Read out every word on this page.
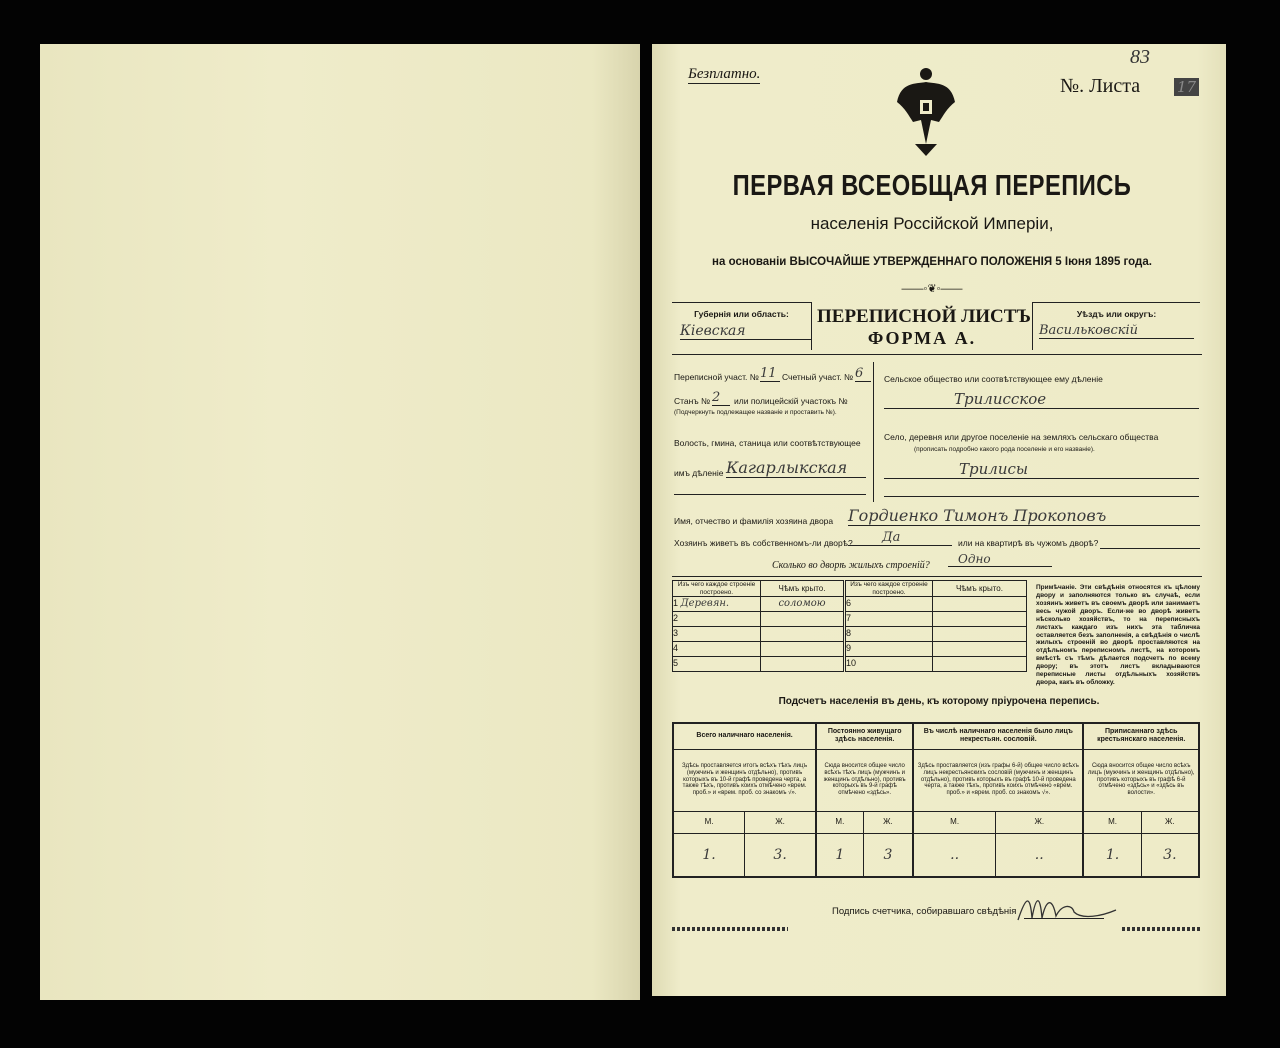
Безплатно.
83
№. Листа 17
ПЕРВАЯ ВСЕОБЩАЯ ПЕРЕПИСЬ
населенія Россійской Имперіи,
на основаніи ВЫСОЧАЙШЕ УТВЕРЖДЕННАГО ПОЛОЖЕНІЯ 5 Іюня 1895 года.
——◦❦◦——
Губернія или область:
Кіевская
ПЕРЕПИСНОЙ ЛИСТЪ
ФОРМА А.
Уѣздъ или округъ:
Васильковскій
Переписной участ. № 11 Счетный участ. № 6
Станъ № 2	или полицейскій участокъ №
(Подчеркнуть подлежащее названіе и проставить №).
Волость, гмина, станица или соотвѣтствующее
имъ дѣленіе Кагарлыкская
Сельское общество или соотвѣтствующее ему дѣленіе
Трилисское
Село, деревня или другое поселеніе на земляхъ сельскаго общества
(прописать подробно какого рода поселеніе и его названіе).
Трилисы
Имя, отчество и фамилія хозяина двора Гордиенко Тимонъ Прокоповъ
Хозяинъ живетъ въ собственномъ-ли дворѣ?	Да	или на квартирѣ въ чужомъ дворѣ?
Сколько во дворѣ жилыхъ строеній?	Одно
Изъ чего каждое строеніе построено.	Чѣмъ крыто.	Изъ чего каждое строеніе построено.	Чѣмъ крыто.
1 Деревян.	соломою	6	
2		7	
3		8	
4		9	
5		10	
Примѣчаніе. Эти свѣдѣнія относятся къ цѣлому двору и заполняются только въ случаѣ, если хозяинъ живетъ въ своемъ дворѣ или занимаетъ весь чужой дворъ. Если-же во дворѣ живетъ нѣсколько хозяйствъ, то на переписныхъ листахъ каждаго изъ нихъ эта табличка оставляется безъ заполненія, а свѣдѣнія о числѣ жилыхъ строеній во дворѣ проставляются на отдѣльномъ переписномъ листѣ, на которомъ вмѣстѣ съ тѣмъ дѣлается подсчетъ по всему двору; въ этотъ листъ вкладываются переписные листы отдѣльныхъ хозяйствъ двора, какъ въ обложку.
Подсчетъ населенія въ день, къ которому пріурочена перепись.
Всего наличнаго населенія.		Постоянно живущаго здѣсь населенія.		Въ числѣ наличнаго населенія было лицъ некрестьян. сословій.		Приписаннаго здѣсь крестьянскаго населенія.	
Здѣсь проставляется итогъ всѣхъ тѣхъ лицъ (мужчинъ и женщинъ отдѣльно), противъ которыхъ въ 10-й графѣ проведена черта, а также тѣхъ, противъ коихъ отмѣчено «врем. проб.» и «врем. проб. со знакомъ √».		Сюда вносится общее число всѣхъ тѣхъ лицъ (мужчинъ и женщинъ отдѣльно), противъ которыхъ въ 9-й графѣ отмѣчено «здѣсь».		Здѣсь проставляется (изъ графы 6-й) общее число всѣхъ лицъ некрестьянскихъ сословій (мужчинъ и женщинъ отдѣльно), противъ которыхъ въ графѣ 10-й проведена черта, а также тѣхъ, противъ коихъ отмѣчено «врем. проб.» и «врем. проб. со знакомъ √».		Сюда вносится общее число всѣхъ лицъ (мужчинъ и женщинъ отдѣльно), противъ которыхъ въ графѣ 6-й отмѣчено «здѣсь» и «здѣсь въ волости».	
М.	Ж.	М.	Ж.	М.	Ж.	М.	Ж.
1.	3.	1	3	..	..	1.	3.
Подпись счетчика, собиравшаго свѣдѣнія
